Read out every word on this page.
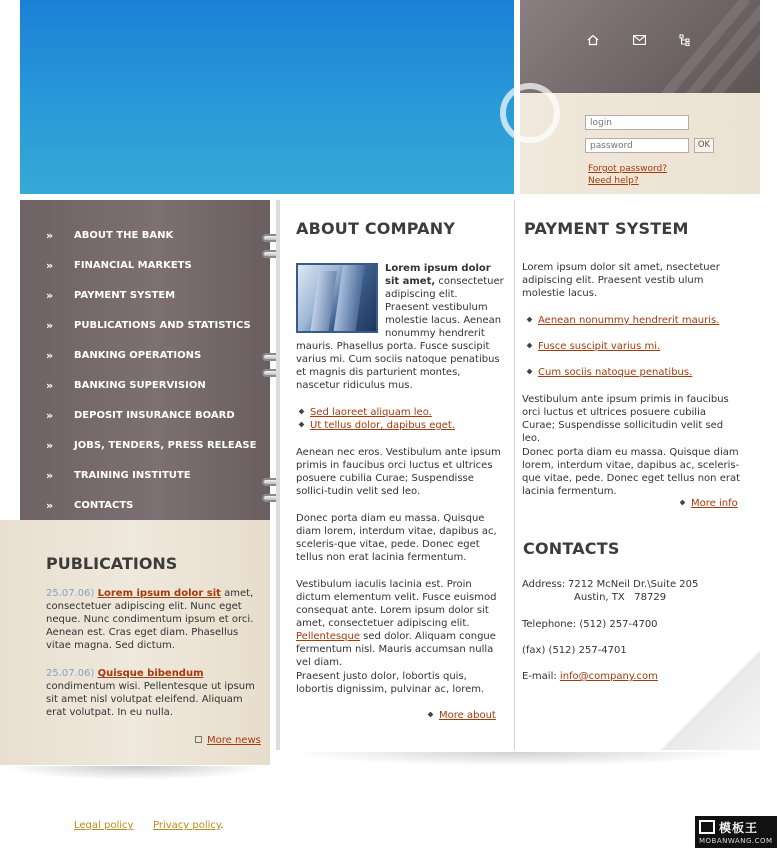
login
OK
Forgot password?
Need help?
»	ABOUT THE BANK
»	FINANCIAL MARKETS
»	PAYMENT SYSTEM
»	PUBLICATIONS AND STATISTICS
»	BANKING OPERATIONS
»	BANKING SUPERVISION
»	DEPOSIT INSURANCE BOARD
»	JOBS, TENDERS, PRESS RELEASE
»	TRAINING INSTITUTE
»	CONTACTS
PUBLICATIONS
25.07.06) Lorem ipsum dolor sit amet, consectetuer adipiscing elit. Nunc eget neque. Nunc condimentum ipsum et orci. Aenean est. Cras eget diam. Phasellus vitae magna. Sed dictum.
25.07.06) Quisque bibendum condimentum wisi. Pellentesque ut ipsum sit amet nisl volutpat eleifend. Aliquam erat volutpat. In eu nulla.
More news
ABOUT COMPANY
Lorem ipsum dolor sit amet, consectetuer adipiscing elit. Praesent vestibulum molestie lacus. Aenean nonummy hendrerit mauris. Phasellus porta. Fusce suscipit varius mi. Cum sociis natoque penatibus et magnis dis parturient montes, nascetur ridiculus mus.
Sed laoreet aliquam leo.
Ut tellus dolor, dapibus eget.
Aenean nec eros. Vestibulum ante ipsum primis in faucibus orci luctus et ultrices posuere cubilia Curae; Suspendisse sollici-tudin velit sed leo.
Donec porta diam eu massa. Quisque diam lorem, interdum vitae, dapibus ac, sceleris-que vitae, pede. Donec eget tellus non erat lacinia fermentum.
Vestibulum iaculis lacinia est. Proin dictum elementum velit. Fusce euismod consequat ante. Lorem ipsum dolor sit amet, consectetuer adipiscing elit. Pellentesque sed dolor. Aliquam congue fermentum nisl. Mauris accumsan nulla vel diam.
Praesent justo dolor, lobortis quis, lobortis dignissim, pulvinar ac, lorem.
More about
PAYMENT SYSTEM
Lorem ipsum dolor sit amet, nsectetuer adipiscing elit. Praesent vestib ulum molestie lacus.
Aenean nonummy hendrerit mauris.
Fusce suscipit varius mi.
Cum sociis natoque penatibus.
Vestibulum ante ipsum primis in faucibus orci luctus et ultrices posuere cubilia Curae; Suspendisse sollicitudin velit sed leo.
Donec porta diam eu massa. Quisque diam lorem, interdum vitae, dapibus ac, sceleris-que vitae, pede. Donec eget tellus non erat lacinia fermentum.
More info
CONTACTS
Address: 7212 McNeil Dr.\Suite 205
Austin, TX   78729
Telephone: (512) 257-4700
(fax) (512) 257-4701
E-mail: info@company.com
Legal policy Privacy policy.	模板王
MOBANWANG.COM
